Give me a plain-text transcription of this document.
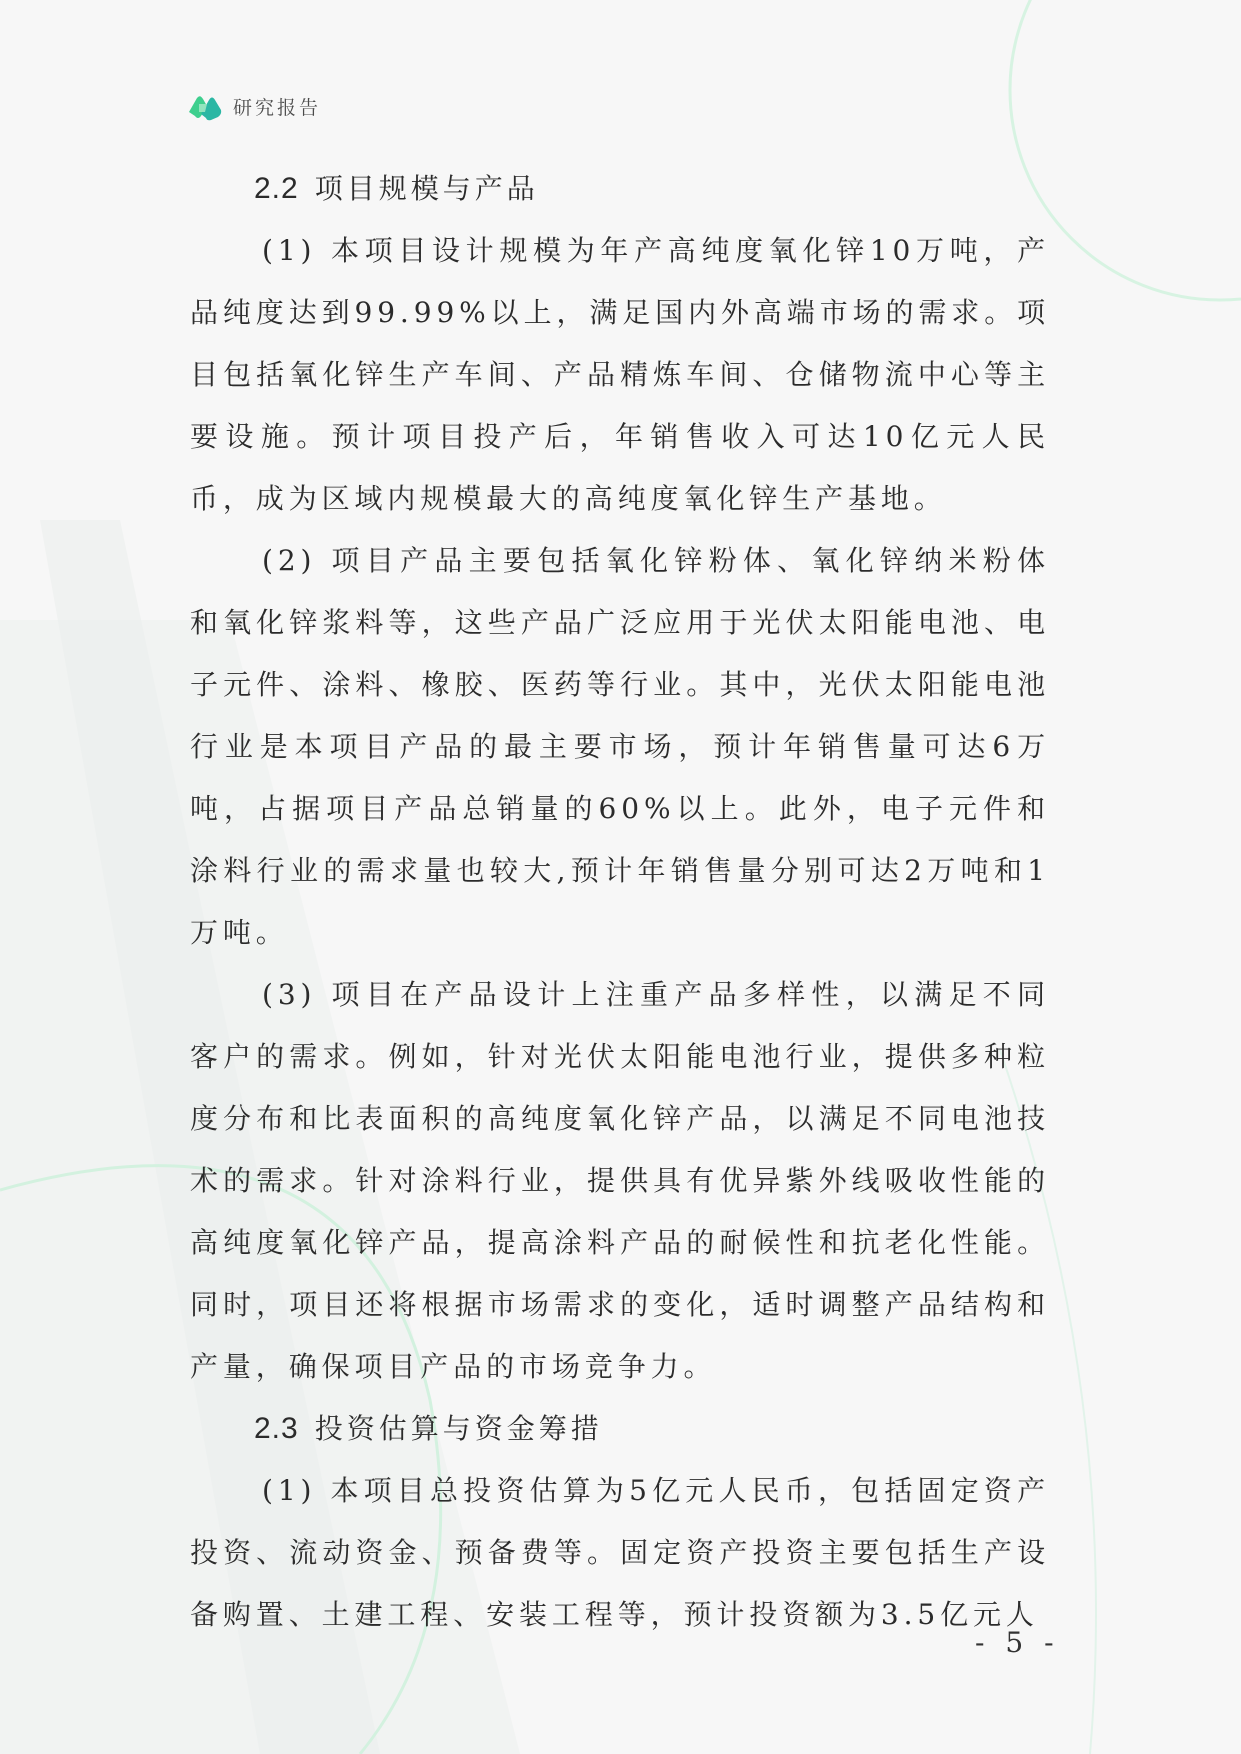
研究报告
2.2 项目规模与产品

(1) 本项目设计规模为年产高纯度氧化锌10万吨，产品纯度达到99.99%以上，满足国内外高端市场的需求。项目包括氧化锌生产车间、产品精炼车间、仓储物流中心等主要设施。预计项目投产后，年销售收入可达10亿元人民币，成为区域内规模最大的高纯度氧化锌生产基地。

(2) 项目产品主要包括氧化锌粉体、氧化锌纳米粉体和氧化锌浆料等，这些产品广泛应用于光伏太阳能电池、电子元件、涂料、橡胶、医药等行业。其中，光伏太阳能电池行业是本项目产品的最主要市场，预计年销售量可达6万吨，占据项目产品总销量的60%以上。此外，电子元件和涂料行业的需求量也较大,预计年销售量分别可达2万吨和1万吨。

(3) 项目在产品设计上注重产品多样性，以满足不同客户的需求。例如，针对光伏太阳能电池行业，提供多种粒度分布和比表面积的高纯度氧化锌产品，以满足不同电池技术的需求。针对涂料行业，提供具有优异紫外线吸收性能的高纯度氧化锌产品，提高涂料产品的耐候性和抗老化性能。同时，项目还将根据市场需求的变化，适时调整产品结构和产量，确保项目产品的市场竞争力。

2.3 投资估算与资金筹措

(1) 本项目总投资估算为5亿元人民币，包括固定资产投资、流动资金、预备费等。固定资产投资主要包括生产设备购置、土建工程、安装工程等，预计投资额为3.5亿元人

- 5 -
